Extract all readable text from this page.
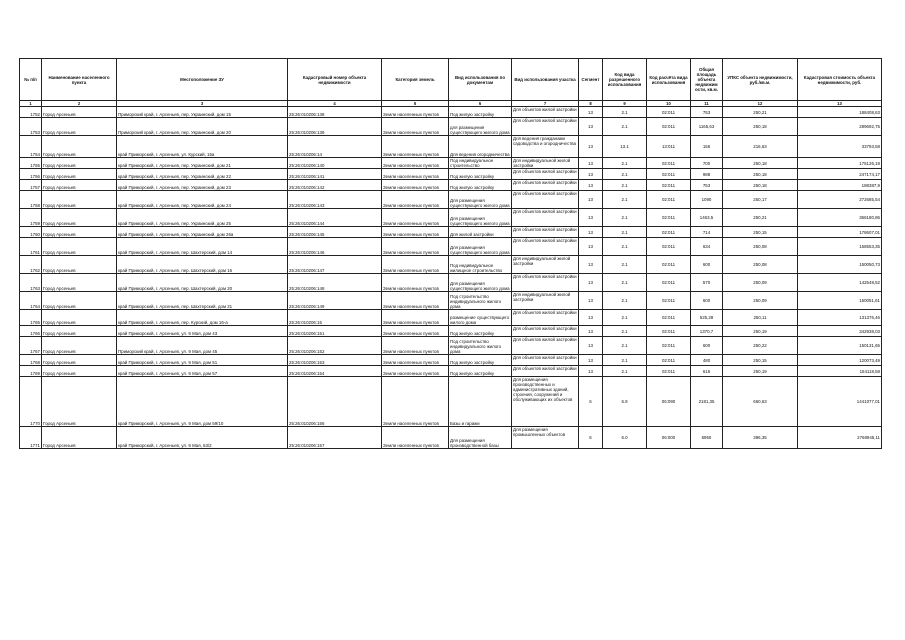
№ п/п	Наименование населенного пункта	Местоположение ЗУ	Кадастровый номер объекта недвижимости	Категория земель	Вид использования по документам	Вид использования участка	Сегмент	Код вида разрешенного использования	Код расчёта вида использования	Общая площадь объекта недвижим ости, кв.м.	УПКС объекта недвижимости, руб./кв.м.	Кадастровая стоимость объекта недвижимости, руб.
1	2	3	4	5	6	7	8	9	10	11	12	13
1752	Город Арсеньев	Приморский край, г. Арсеньев, пер. Украинский, дом 15	25:26:010206:138	Земли населенных пунктов	Под жилую застройку	Для объектов жилой застройки	13	2.1	02:011	753	250,21	188408,63
1753	Город Арсеньев	Приморский край, г. Арсеньев, пер. Украинский, дом 20	25:26:010206:139	Земли населенных пунктов	для размещения существующего жилого дома	Для объектов жилой застройки	13	2.1	02:011	1165,63	250,18	289692,75
1754	Город Арсеньев	край Приморский, г. Арсеньев, ул. Курский, 16а	25:26:010206:14	Земли населенных пунктов	Для ведения огородничества	Для ведения гражданами садоводства и огородничества	13	13.1	13:011	156	216,63	33793,58
1755	Город Арсеньев	край Приморский, г. Арсеньев, пер. Украинский, дом 21	25:26:010206:140	Земли населенных пунктов	Под индивидуальное строительство	Для индивидуальной жилой застройки	13	2.1	02:011	700	250,18	175126,19
1756	Город Арсеньев	край Приморский, г. Арсеньев, пер. Украинский, дом 22	25:26:010206:141	Земли населенных пунктов	Под жилую застройку	Для объектов жилой застройки	13	2.1	02:011	988	250,18	247174,17
1757	Город Арсеньев	край Приморский, г. Арсеньев, пер. Украинский, дом 23	25:26:010206:142	Земли населенных пунктов	Под жилую застройку	Для объектов жилой застройки	13	2.1	02:011	753	250,18	188387,9
1758	Город Арсеньев	край Приморский, г. Арсеньев, пер. Украинский, дом 24	25:26:010206:143	Земли населенных пунктов	Для размещения существующего жилого дома	Для объектов жилой застройки	13	2.1	02:011	1090	250,17	272685,54
1759	Город Арсеньев	край Приморский, г. Арсеньев, пер. Украинский, дом 25	25:26:010206:144	Земли населенных пунктов	Для размещения существующего жилого дома	Для объектов жилой застройки	13	2.1	02:011	1463,5	250,21	366180,86
1760	Город Арсеньев	край Приморский, г. Арсеньев, пер. Украинский, дом 26а	25:26:010206:145	Земли населенных пунктов	Для жилой застройки	Для объектов жилой застройки	13	2.1	02:011	714	250,15	178607,01
1761	Город Арсеньев	край Приморский, г. Арсеньев, пер. Шахтерский, дом 14	25:26:010206:146	Земли населенных пунктов	Для размещения существующего жилого дома	Для объектов жилой застройки	13	2.1	02:011	634	250,08	158553,35
1762	Город Арсеньев	край Приморский, г. Арсеньев, пер. Шахтерский, дом 16	25:26:010206:147	Земли населенных пунктов	Под индивидуальное жилищное строительство	Для индивидуальной жилой застройки	13	2.1	02:011	600	250,08	150050,73
1763	Город Арсеньев	край Приморский, г. Арсеньев, пер. Шахтерский, дом 20	25:26:010206:148	Земли населенных пунктов	Для размещения существующего жилого дома	Для объектов жилой застройки	13	2.1	02:011	570	250,09	142548,52
1764	Город Арсеньев	край Приморский, г. Арсеньев, пер. Шахтерский, дом 21	25:26:010206:149	Земли населенных пунктов	Под строительство индивидуального жилого дома	Для индивидуальной жилой застройки	13	2.1	02:011	600	250,09	150051,61
1765	Город Арсеньев	край Приморский, г. Арсеньев, пер. Курский, дом 16-а	25:26:010206:15	Земли населенных пунктов	размещение существующего жилого дома	Для объектов жилой застройки	13	2.1	02:011	525,28	250,11	131376,46
1766	Город Арсеньев	край Приморский, г. Арсеньев, ул. 9 Мая, дом 43	25:26:010206:151	Земли населенных пунктов	Под жилую застройку	Для объектов жилой застройки	13	2.1	02:011	1370,7	250,19	342938,03
1767	Город Арсеньев	Приморский край, г. Арсеньев, ул. 9 Мая, дом 45	25:26:010206:152	Земли населенных пунктов	Под строительство индивидуального жилого дома	Для объектов жилой застройки	13	2.1	02:011	600	250,22	150131,65
1768	Город Арсеньев	край Приморский, г. Арсеньев, ул. 9 Мая, дом 51	25:26:010206:153	Земли населенных пунктов	Под жилую застройку	Для объектов жилой застройки	13	2.1	02:011	480	250,15	120073,49
1769	Город Арсеньев	край Приморский, г. Арсеньев, ул. 9 Мая, дом 57	25:26:010206:154	Земли населенных пунктов	Под жилую застройку	Для объектов жилой застройки	13	2.1	02:011	616	250,19	154118,58
1770	Город Арсеньев	край Приморский, г. Арсеньев, ул. 9 Мая, дом 59/10	25:26:010206:156	Земли населенных пунктов	Базы и гаражи	Для размещения производственных и административных зданий, строения, сооружений и обслуживающих их объектов	6	6.9	06:090	2181,35	660,63	1441077,01
1771	Город Арсеньев	край Приморский, г. Арсеньев, ул. 9 Мая, 63/2	25:26:010206:157	Земли населенных пунктов	Для размещения производственной базы	Для размещения промышленных объектов	6	6.0	06:000	6950	396,35	2768945,11
